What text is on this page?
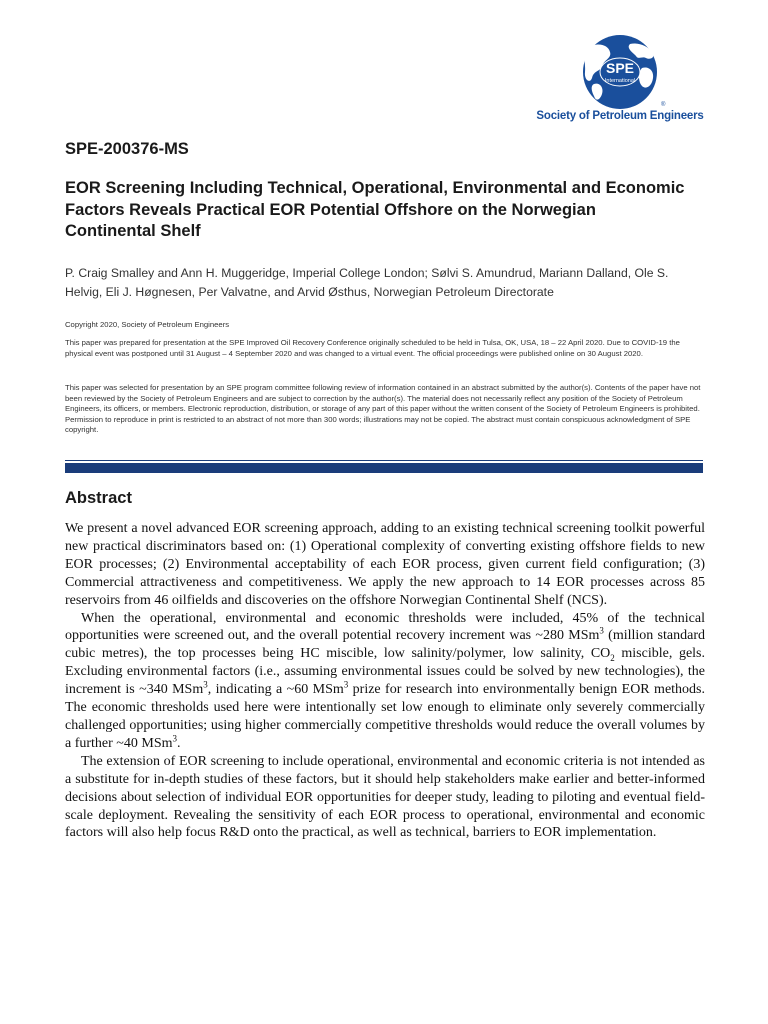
SPE
International
®
Society of Petroleum Engineers
SPE-200376-MS
EOR Screening Including Technical, Operational, Environmental and Economic Factors Reveals Practical EOR Potential Offshore on the Norwegian Continental Shelf
P. Craig Smalley and Ann H. Muggeridge, Imperial College London; Sølvi S. Amundrud, Mariann Dalland, Ole S. Helvig, Eli J. Høgnesen, Per Valvatne, and Arvid Østhus, Norwegian Petroleum Directorate
Copyright 2020, Society of Petroleum Engineers
This paper was prepared for presentation at the SPE Improved Oil Recovery Conference originally scheduled to be held in Tulsa, OK, USA, 18 – 22 April 2020. Due to COVID-19 the physical event was postponed until 31 August – 4 September 2020 and was changed to a virtual event. The official proceedings were published online on 30 August 2020.
This paper was selected for presentation by an SPE program committee following review of information contained in an abstract submitted by the author(s). Contents of the paper have not been reviewed by the Society of Petroleum Engineers and are subject to correction by the author(s). The material does not necessarily reflect any position of the Society of Petroleum Engineers, its officers, or members. Electronic reproduction, distribution, or storage of any part of this paper without the written consent of the Society of Petroleum Engineers is prohibited. Permission to reproduce in print is restricted to an abstract of not more than 300 words; illustrations may not be copied. The abstract must contain conspicuous acknowledgment of SPE copyright.
Abstract

We present a novel advanced EOR screening approach, adding to an existing technical screening toolkit powerful new practical discriminators based on: (1) Operational complexity of converting existing offshore fields to new EOR processes; (2) Environmental acceptability of each EOR process, given current field configuration; (3) Commercial attractiveness and competitiveness. We apply the new approach to 14 EOR processes across 85 reservoirs from 46 oilfields and discoveries on the offshore Norwegian Continental Shelf (NCS).

When the operational, environmental and economic thresholds were included, 45% of the technical opportunities were screened out, and the overall potential recovery increment was ~280 MSm$^3$ (million standard cubic metres), the top processes being HC miscible, low salinity/polymer, low salinity, $CO_2$ miscible, gels. Excluding environmental factors (i.e., assuming environmental issues could be solved by new technologies), the increment is ~340 MSm$^3$, indicating a ~60 MSm$^3$ prize for research into environmentally benign EOR methods. The economic thresholds used here were intentionally set low enough to eliminate only severely commercially challenged opportunities; using higher commercially competitive thresholds would reduce the overall volumes by a further ~40 MSm$^3$.

The extension of EOR screening to include operational, environmental and economic criteria is not intended as a substitute for in-depth studies of these factors, but it should help stakeholders make earlier and better-informed decisions about selection of individual EOR opportunities for deeper study, leading to piloting and eventual field-scale deployment. Revealing the sensitivity of each EOR process to operational, environmental and economic factors will also help focus R&D onto the practical, as well as technical, barriers to EOR implementation.
